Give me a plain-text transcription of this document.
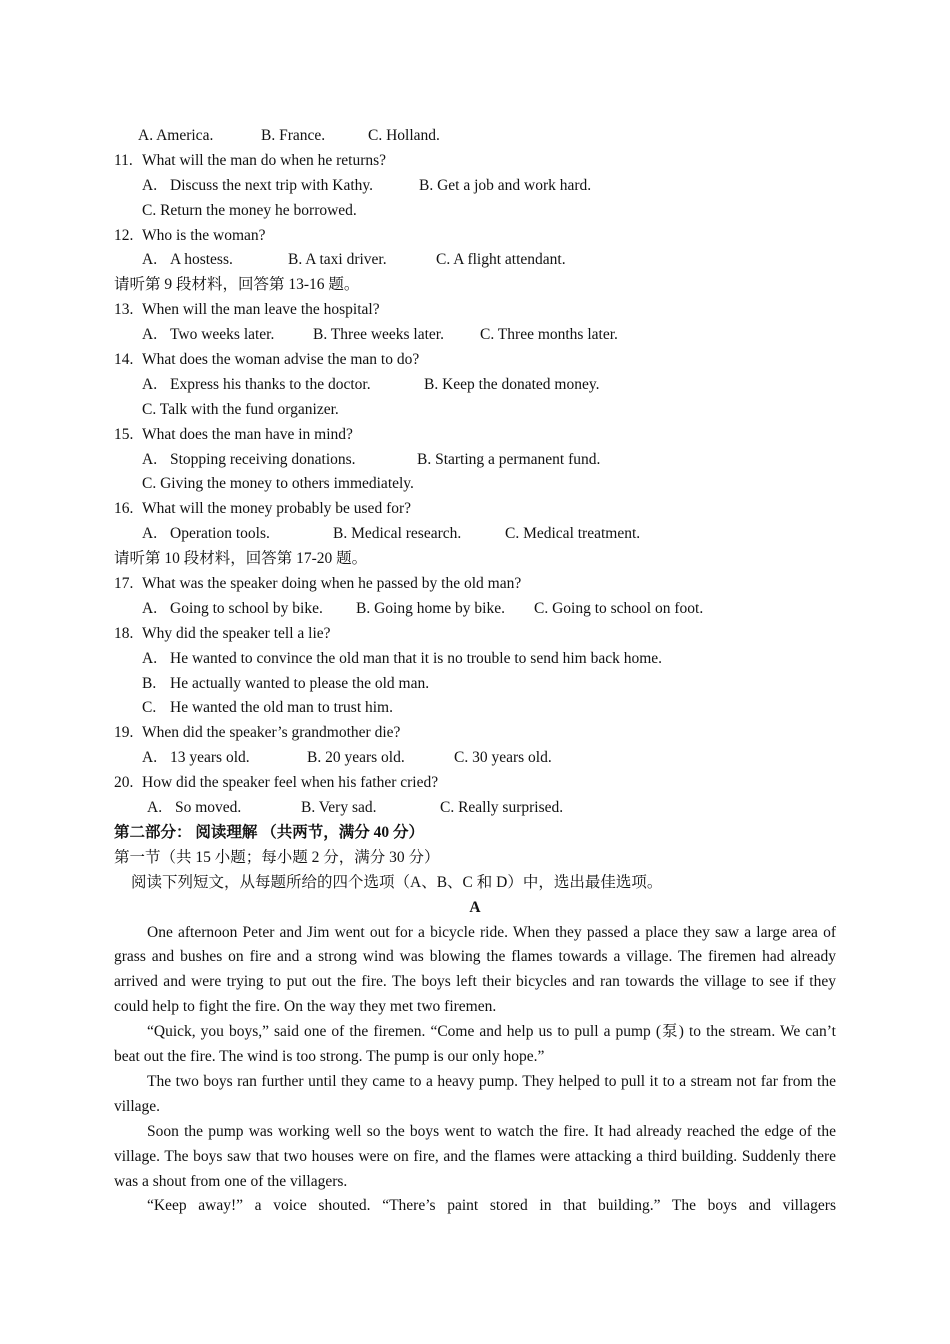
A. America.	B. France.	C. Holland.
11. What will the man do when he returns?
A. Discuss the next trip with Kathy.	B. Get a job and work hard.
C. Return the money he borrowed.
12. Who is the woman?
A. A hostess.	B. A taxi driver.	C. A flight attendant.
请听第 9 段材料，回答第 13-16 题。
13. When will the man leave the hospital?
A. Two weeks later. B. Three weeks later. C. Three months later.
14. What does the woman advise the man to do?
A. Express his thanks to the doctor.	B. Keep the donated money.
C. Talk with the fund organizer.
15. What does the man have in mind?
A. Stopping receiving donations.	B. Starting a permanent fund.
C. Giving the money to others immediately.
16. What will the money probably be used for?
A. Operation tools.	B. Medical research.	C. Medical treatment.
请听第 10 段材料，回答第 17-20 题。
17. What was the speaker doing when he passed by the old man?
A. Going to school by bike. B. Going home by bike. C. Going to school on foot.
18. Why did the speaker tell a lie?
A. He wanted to convince the old man that it is no trouble to send him back home.
B. He actually wanted to please the old man.
C. He wanted the old man to trust him.
19. When did the speaker’s grandmother die?
A. 13 years old.	B. 20 years old.	C. 30 years old.
20. How did the speaker feel when his father cried?
A. So moved.	B. Very sad.	C. Really surprised.
第二部分： 阅读理解 （共两节，满分 40 分）
第一节（共 15 小题；每小题 2 分，满分 30 分）
阅读下列短文，从每题所给的四个选项（A、B、C 和 D）中，选出最佳选项。
A

One afternoon Peter and Jim went out for a bicycle ride. When they passed a place they saw a large area of grass and bushes on fire and a strong wind was blowing the flames towards a village. The firemen had already arrived and were trying to put out the fire. The boys left their bicycles and ran towards the village to see if they could help to fight the fire. On the way they met two firemen.

“Quick, you boys,” said one of the firemen. “Come and help us to pull a pump (泵) to the stream. We can’t beat out the fire. The wind is too strong. The pump is our only hope.”

The two boys ran further until they came to a heavy pump. They helped to pull it to a stream not far from the village.

Soon the pump was working well so the boys went to watch the fire. It had already reached the edge of the village. The boys saw that two houses were on fire, and the flames were attacking a third building. Suddenly there was a shout from one of the villagers.

“Keep away!” a voice shouted. “There’s paint stored in that building.” The boys and villagers
